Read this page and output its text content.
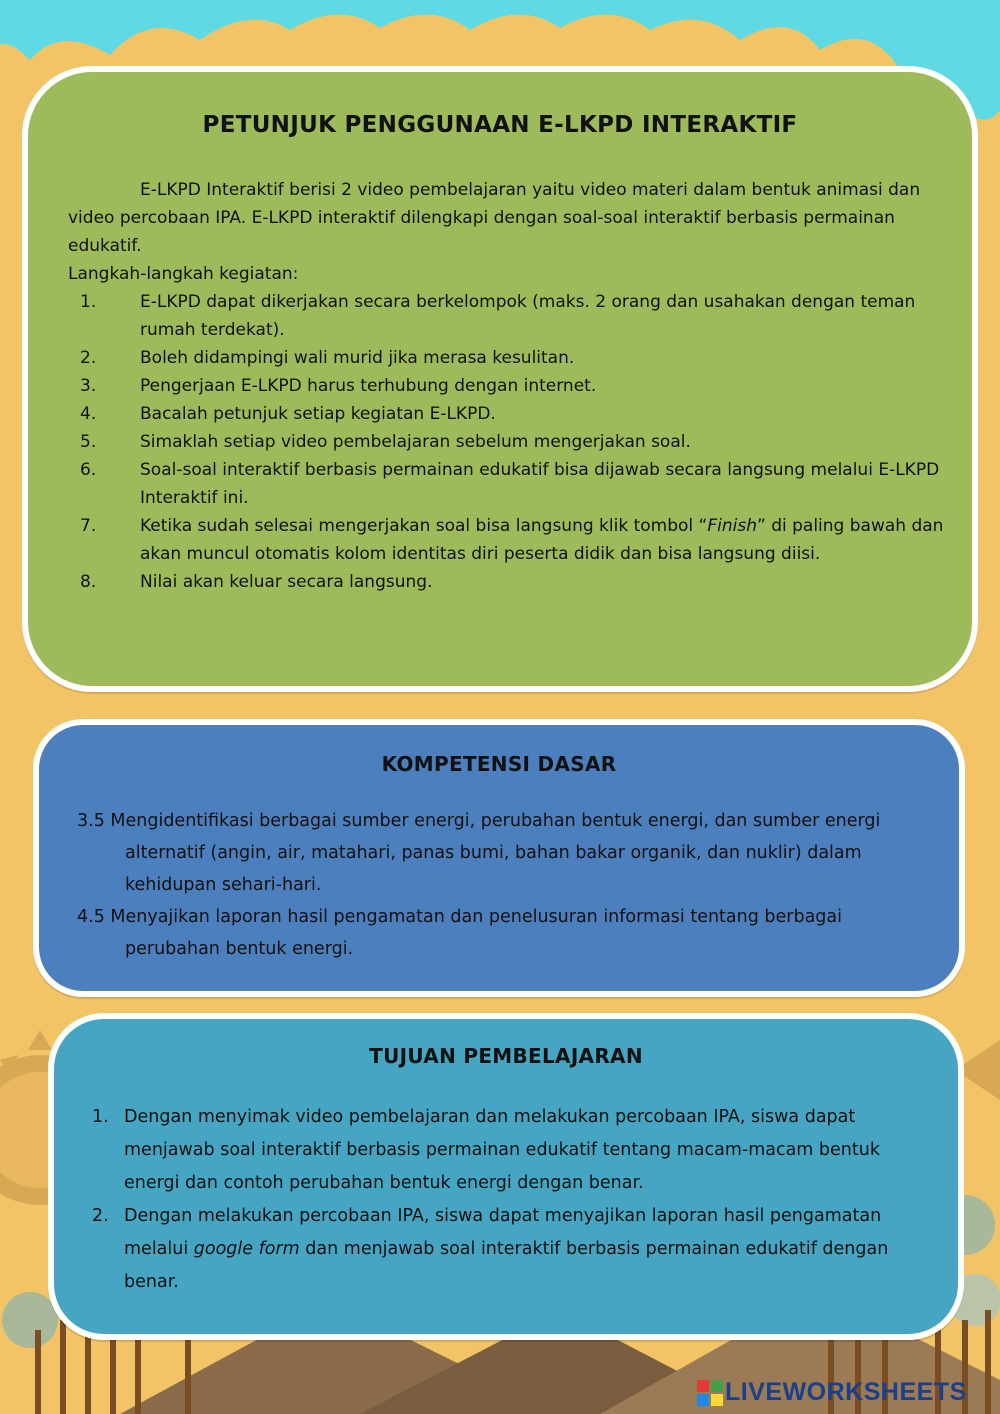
PETUNJUK PENGGUNAAN E-LKPD INTERAKTIF

E-LKPD Interaktif berisi 2 video pembelajaran yaitu video materi dalam bentuk animasi dan video percobaan IPA. E-LKPD interaktif dilengkapi dengan soal-soal interaktif berbasis permainan edukatif.

Langkah-langkah kegiatan:

1.	E-LKPD dapat dikerjakan secara berkelompok (maks. 2 orang dan usahakan dengan teman rumah terdekat).
2.	Boleh didampingi wali murid jika merasa kesulitan.
3.	Pengerjaan E-LKPD harus terhubung dengan internet.
4.	Bacalah petunjuk setiap kegiatan E-LKPD.
5.	Simaklah setiap video pembelajaran sebelum mengerjakan soal.
6.	Soal-soal interaktif berbasis permainan edukatif bisa dijawab secara langsung melalui E-LKPD Interaktif ini.
7.	Ketika sudah selesai mengerjakan soal bisa langsung klik tombol “Finish” di paling bawah dan akan muncul otomatis kolom identitas diri peserta didik dan bisa langsung diisi.
8.	Nilai akan keluar secara langsung.
KOMPETENSI DASAR
3.5 Mengidentifikasi berbagai sumber energi, perubahan bentuk energi, dan sumber energi alternatif (angin, air, matahari, panas bumi, bahan bakar organik, dan nuklir) dalam kehidupan sehari-hari.
4.5 Menyajikan laporan hasil pengamatan dan penelusuran informasi tentang berbagai perubahan bentuk energi.
TUJUAN PEMBELAJARAN
1. Dengan menyimak video pembelajaran dan melakukan percobaan IPA, siswa dapat menjawab soal interaktif berbasis permainan edukatif tentang macam-macam bentuk energi dan contoh perubahan bentuk energi dengan benar.
2. Dengan melakukan percobaan IPA, siswa dapat menyajikan laporan hasil pengamatan melalui google form dan menjawab soal interaktif berbasis permainan edukatif dengan benar.
LIVEWORKSHEETS
